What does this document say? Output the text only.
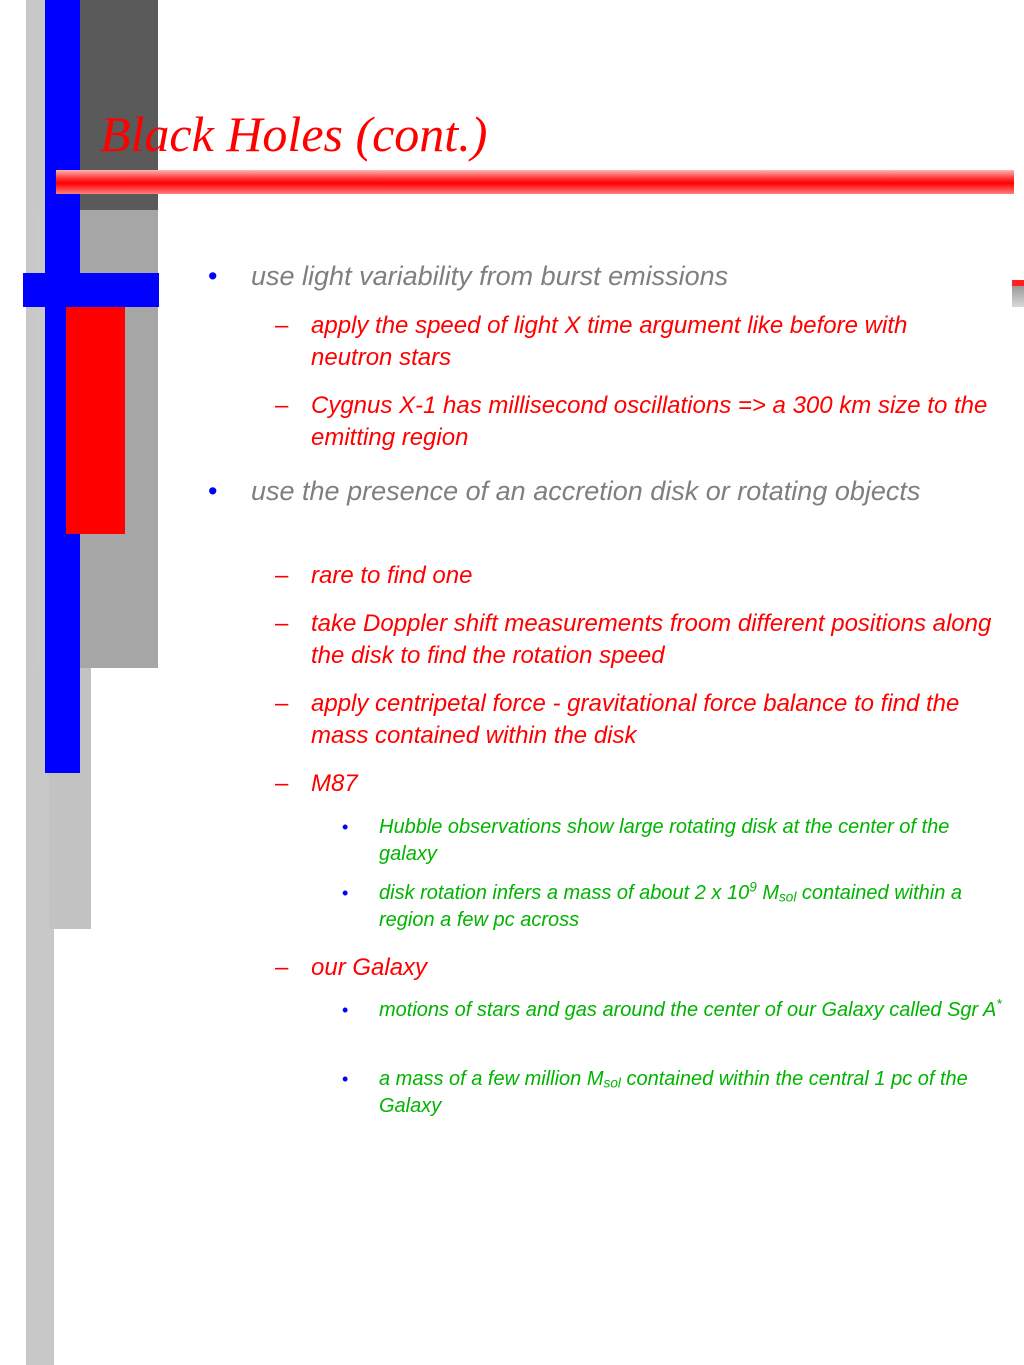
Black Holes (cont.)
•	use light variability from burst emissions
– apply the speed of light X time argument like before with neutron stars
– Cygnus X-1 has millisecond oscillations => a 300 km size to the emitting region
•	use the presence of an accretion disk or rotating objects
– rare to find one
– take Doppler shift measurements froom different positions along the disk to find the rotation speed
– apply centripetal force - gravitational force balance to find the mass contained within the disk
– M87
•	Hubble observations show large rotating disk at the center of the galaxy
•	disk rotation infers a mass of about 2 x $10^9$ $M_{sol}$ contained within a region a few pc across
– our Galaxy
•	motions of stars and gas around the center of our Galaxy called Sgr A*
•	a mass of a few million $M_{sol}$ contained within the central 1 pc of the Galaxy
